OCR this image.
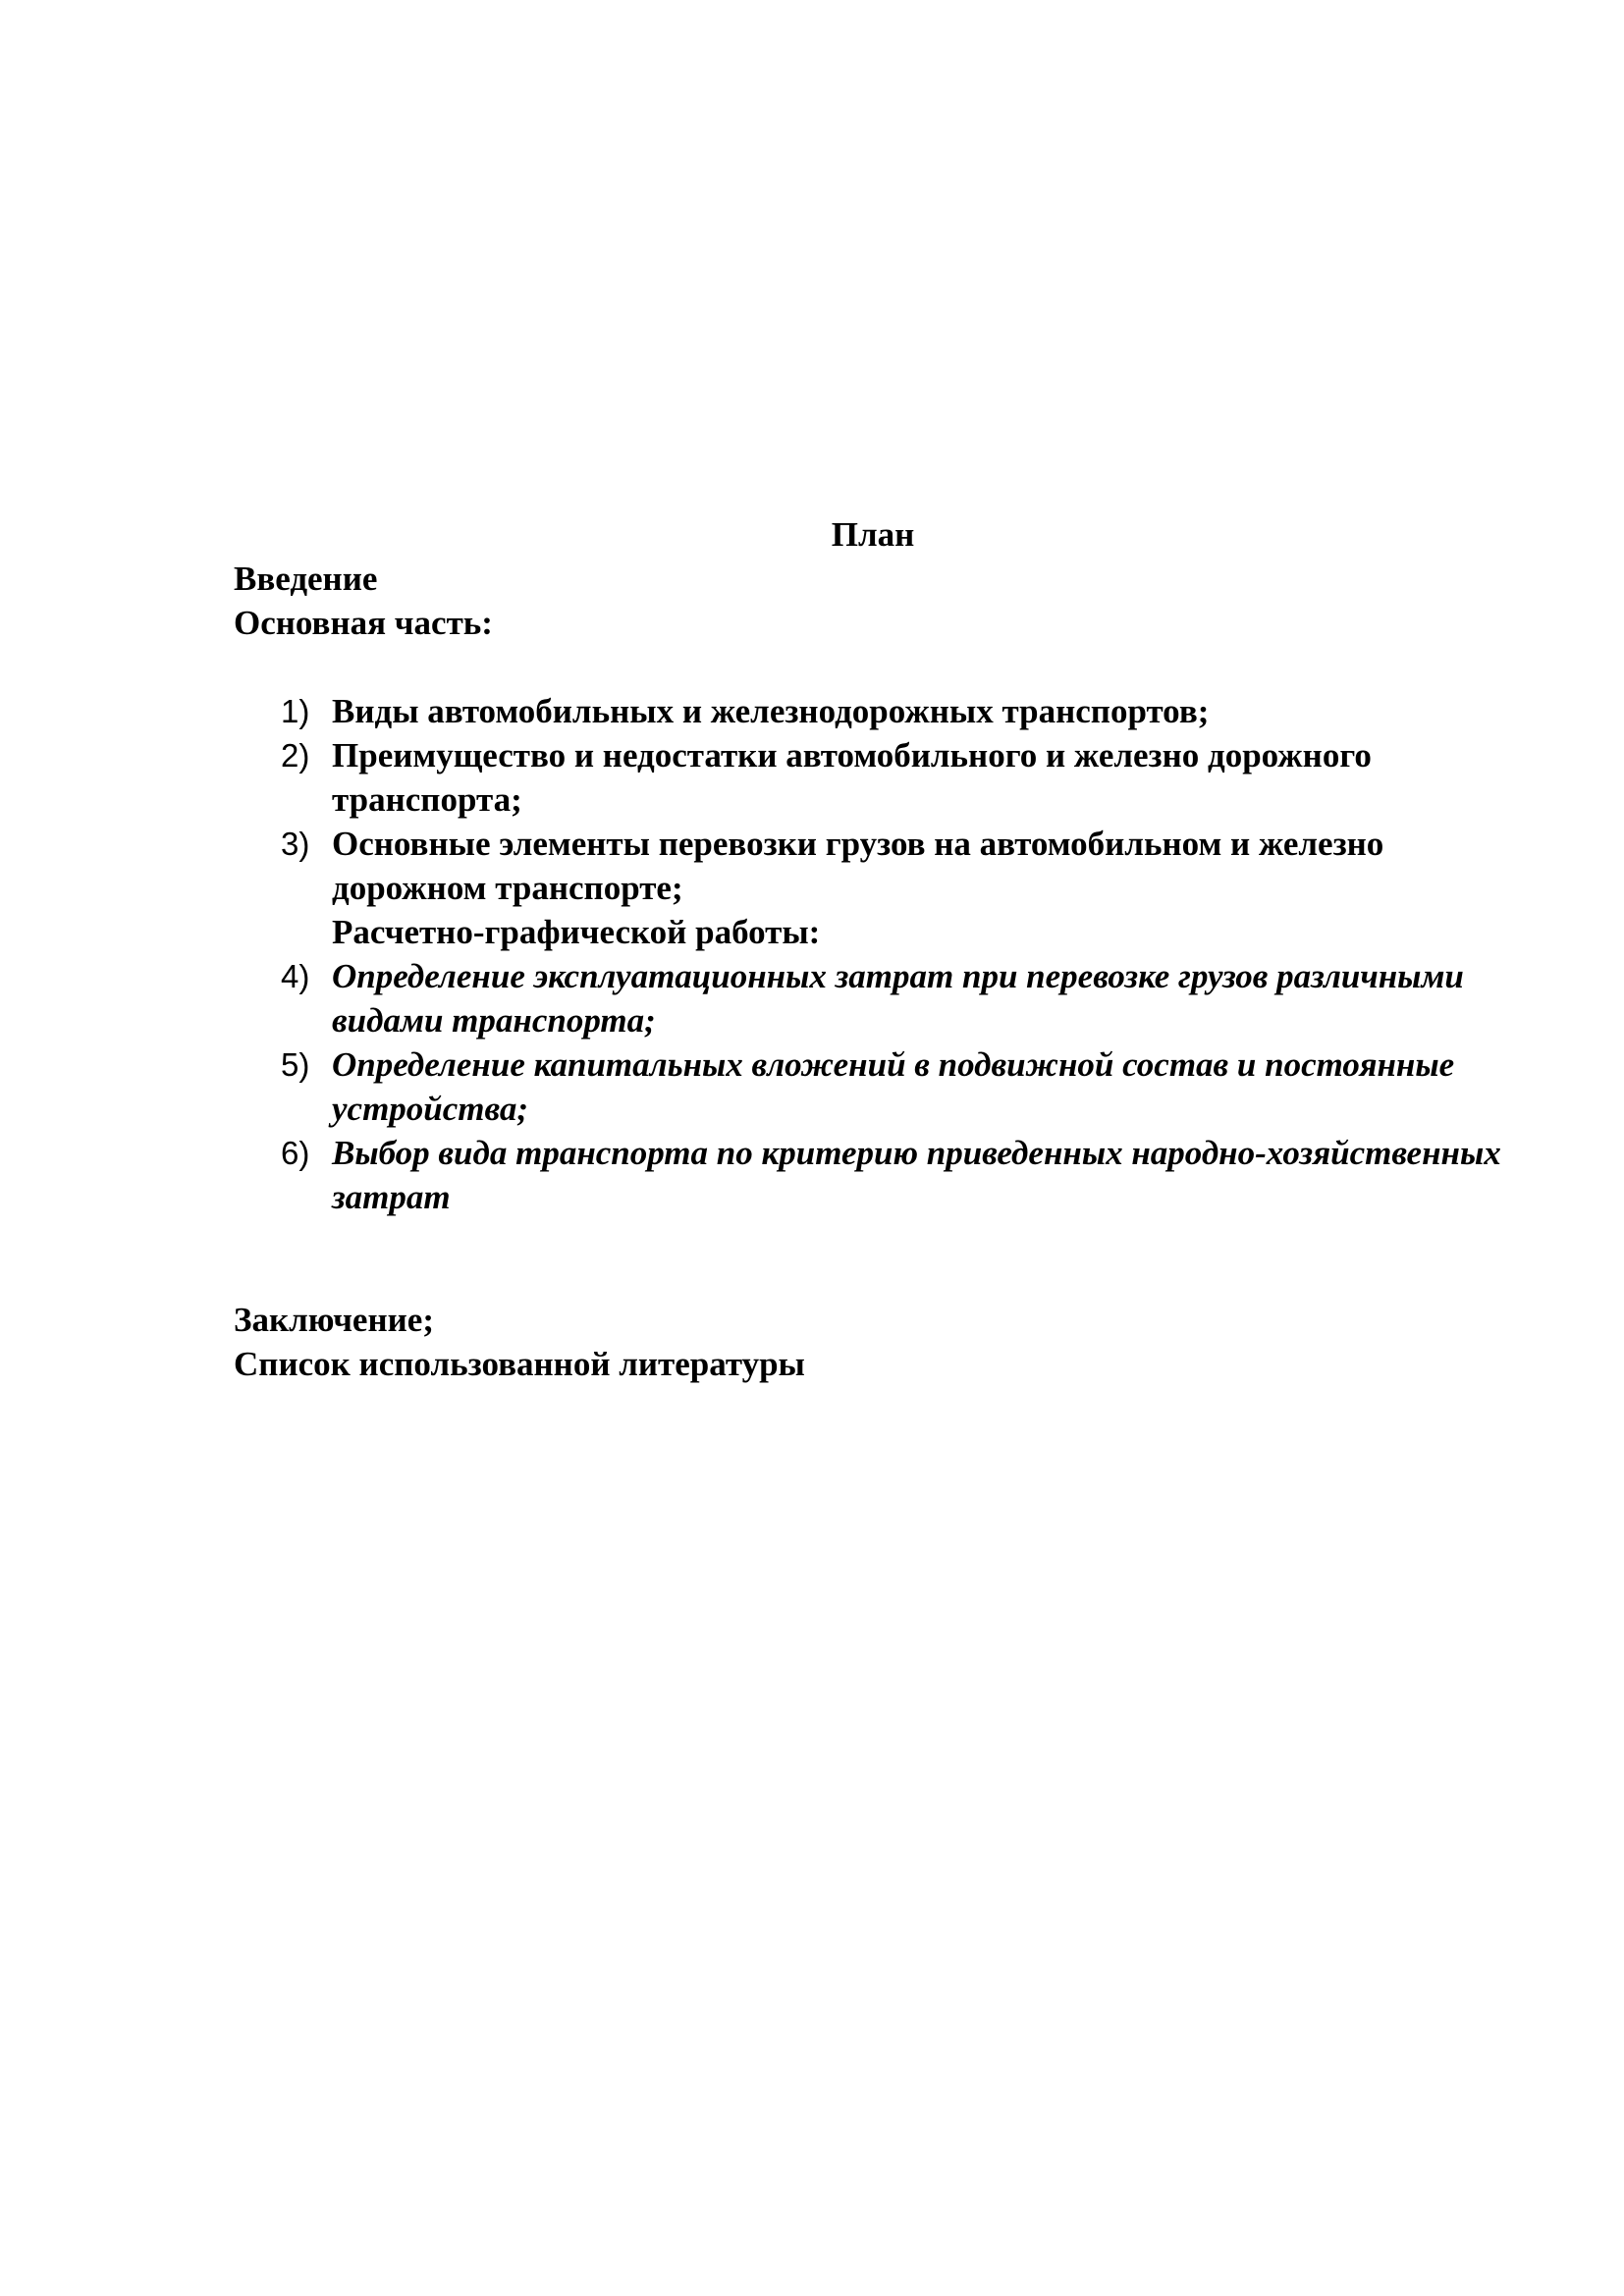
План
Введение
Основная часть:
1) Виды автомобильных и железнодорожных транспортов;
2) Преимущество и недостатки автомобильного и железно дорожного транспорта;
3) Основные элементы перевозки грузов на автомобильном и железно дорожном транспорте;
Расчетно-графической работы:
4) Определение эксплуатационных затрат при перевозке грузов различными видами транспорта;
5) Определение капитальных вложений в подвижной состав и постоянные устройства;
6) Выбор вида транспорта по критерию приведенных народно-хозяйственных затрат
Заключение;
Список использованной литературы
